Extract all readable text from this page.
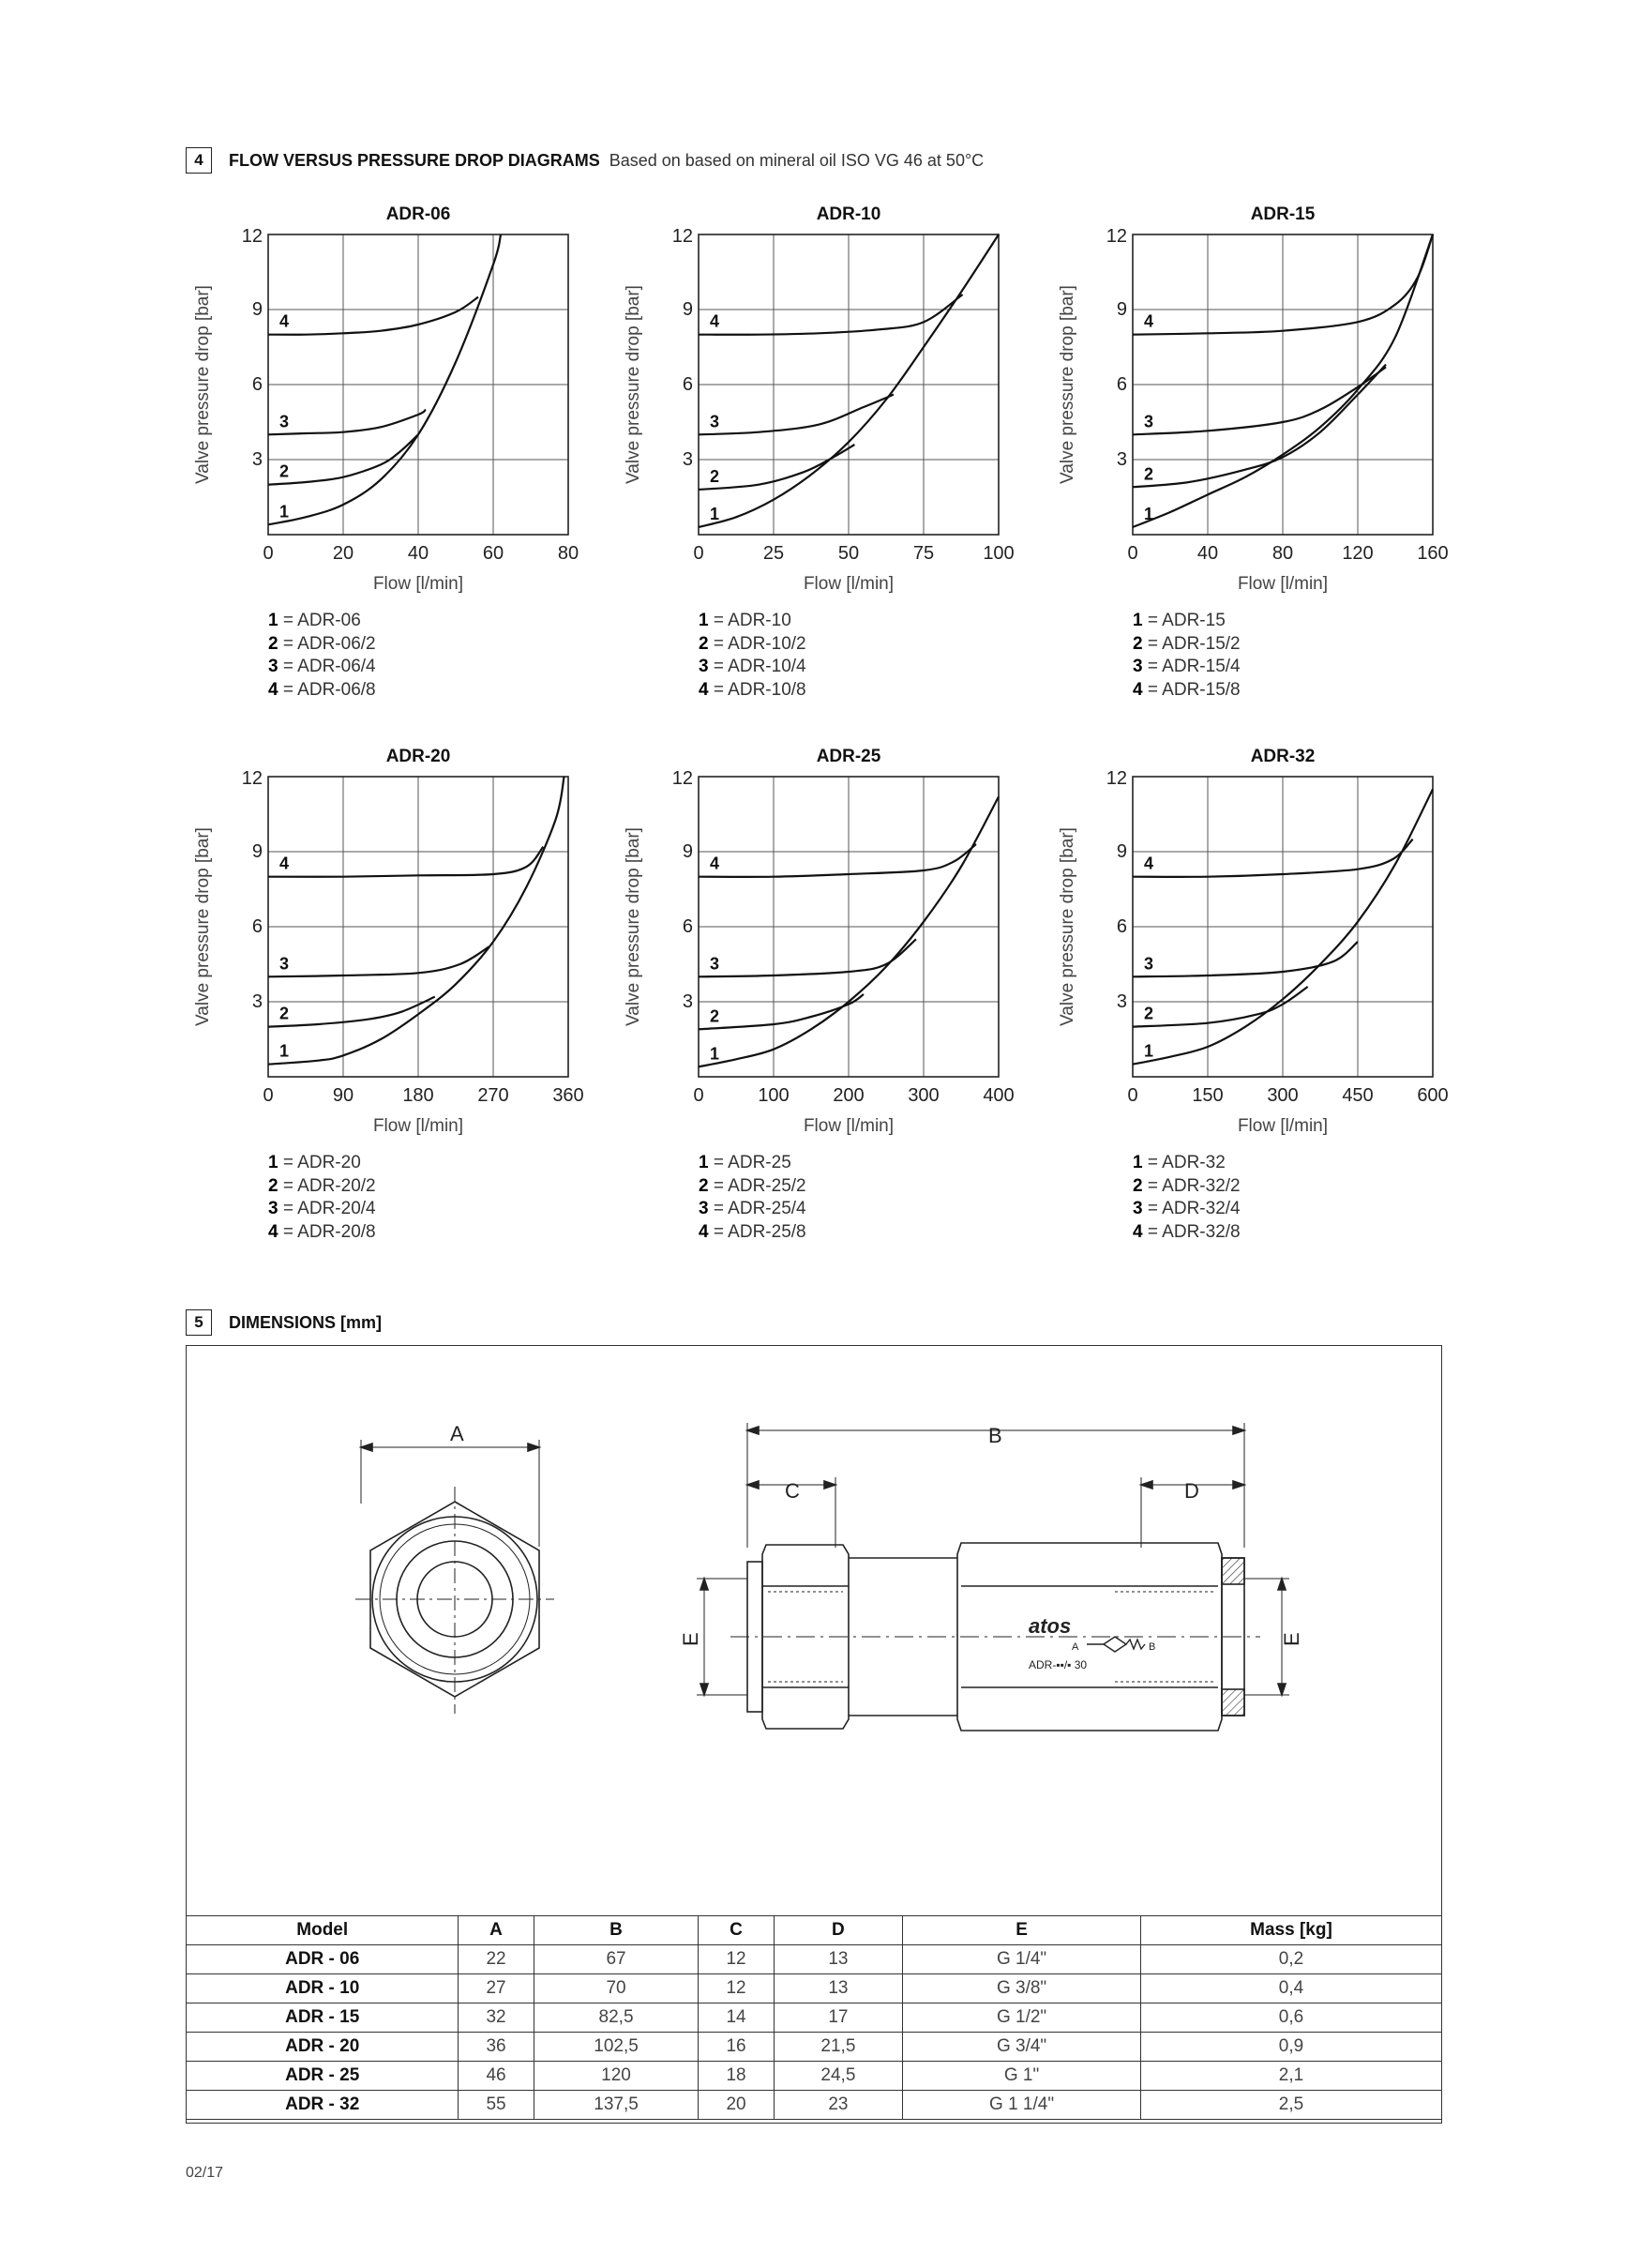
4	FLOW VERSUS PRESSURE DROP DIAGRAMS Based on based on mineral oil ISO VG 46 at 50°C
ADR-06
0	20	40	60	80
3
6
9
12
Flow [l/min]
Valve pressure drop [bar]
1
2
3
4
1 = ADR-06
2 = ADR-06/2
3 = ADR-06/4
4 = ADR-06/8
ADR-10
0	25	50	75	100
3
6
9
12
Flow [l/min]
Valve pressure drop [bar]
1
2
3
4
1 = ADR-10
2 = ADR-10/2
3 = ADR-10/4
4 = ADR-10/8
ADR-15
0	40	80	120 160
3
6
9
12
Flow [l/min]
Valve pressure drop [bar]
1
2
3
4
1 = ADR-15
2 = ADR-15/2
3 = ADR-15/4
4 = ADR-15/8
ADR-20
0	90	180 270 360
3
6
9
12
Flow [l/min]
Valve pressure drop [bar]
1
2
3
4
1 = ADR-20
2 = ADR-20/2
3 = ADR-20/4
4 = ADR-20/8
ADR-25
0	100 200 300 400
3
6
9
12
Flow [l/min]
Valve pressure drop [bar]
1
2
3
4
1 = ADR-25
2 = ADR-25/2
3 = ADR-25/4
4 = ADR-25/8
ADR-32
0	150 300 450 600
3
6
9
12
Flow [l/min]
Valve pressure drop [bar]
1
2
3
4
1 = ADR-32
2 = ADR-32/2
3 = ADR-32/4
4 = ADR-32/8
5	DIMENSIONS [mm]
A	B
C	D
E	E
atos
A	B
ADR-▪▪/▪ 30
Model	A	B	C	D	E	Mass [kg]
ADR - 06	22	67	12	13	G 1/4"	0,2
ADR - 10	27	70	12	13	G 3/8"	0,4
ADR - 15	32	82,5	14	17	G 1/2"	0,6
ADR - 20	36	102,5	16	21,5	G 3/4"	0,9
ADR - 25	46	120	18	24,5	G 1"	2,1
ADR - 32	55	137,5	20	23	G 1 1/4"	2,5
02/17
